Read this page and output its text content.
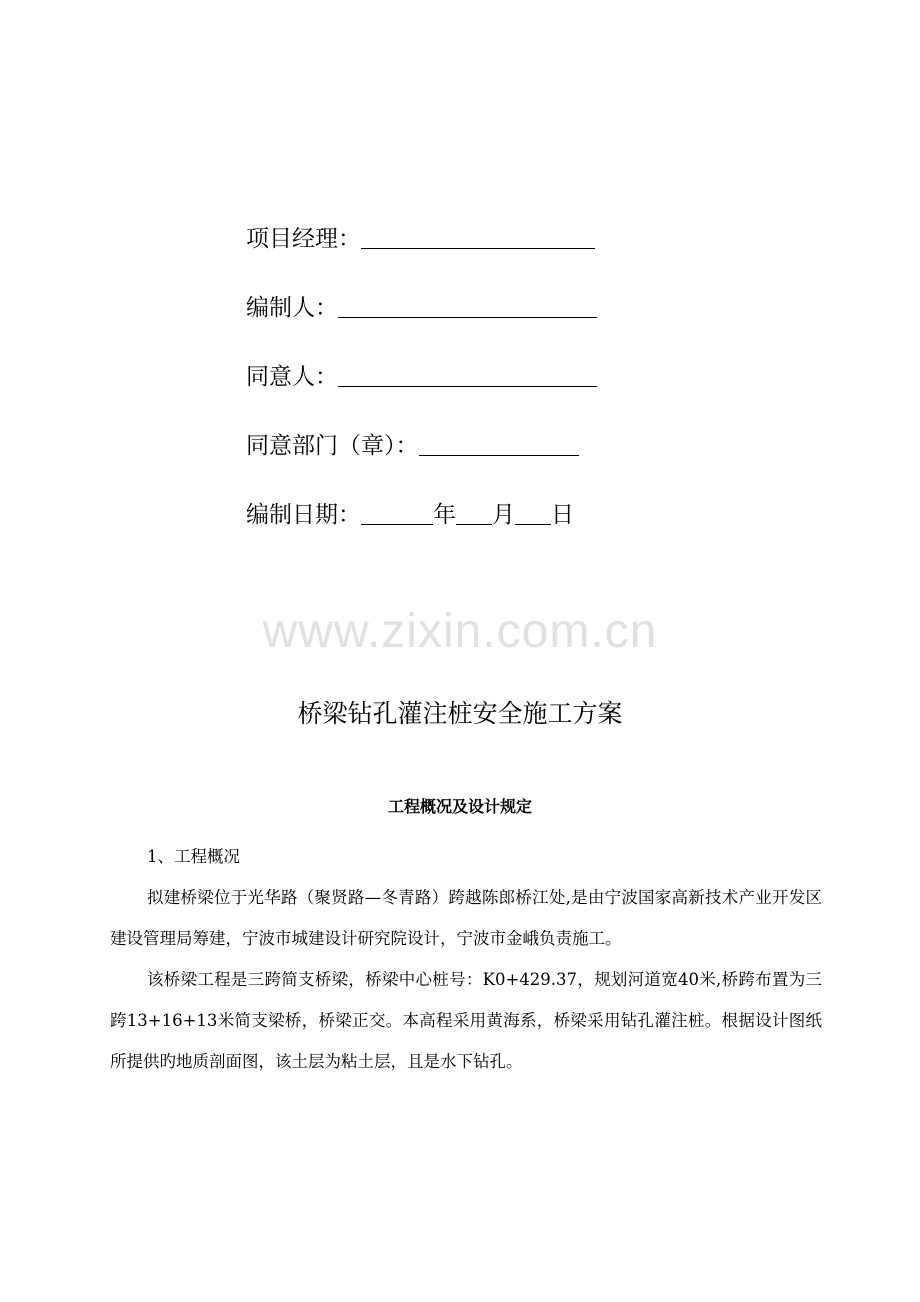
项目经理：
编制人：
同意人：
同意部门（章）：
编制日期：	年 月 日
www.zixin.com.cn
桥梁钻孔灌注桩安全施工方案
工程概况及设计规定

1、工程概况

拟建桥梁位于光华路（聚贤路—冬青路）跨越陈郎桥江处,是由宁波国家高新技术产业开发区建设管理局筹建，宁波市城建设计研究院设计，宁波市金峨负责施工。

该桥梁工程是三跨简支桥梁，桥梁中心桩号：K0+429.37，规划河道宽40米,桥跨布置为三跨13+16+13米简支梁桥，桥梁正交。本高程采用黄海系，桥梁采用钻孔灌注桩。根据设计图纸所提供旳地质剖面图，该土层为粘土层，且是水下钻孔。
